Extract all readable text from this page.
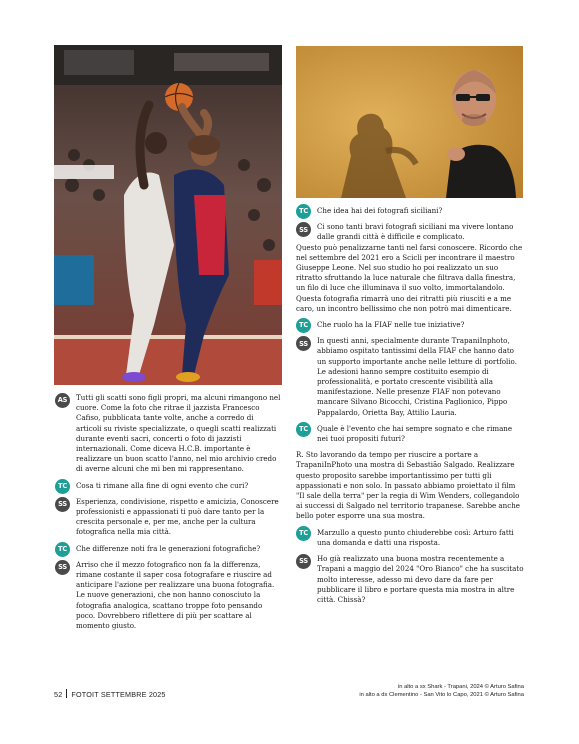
AS	Tutti gli scatti sono figli propri, ma alcuni rimangono nel cuore. Come la foto che ritrae il jazzista Francesco Cafiso, pubblicata tante volte, anche a corredo di articoli su riviste specializzate, o quegli scatti realizzati durante eventi sacri, concerti o foto di jazzisti internazionali. Come diceva H.C.B. importante è realizzare un buon scatto l'anno, nel mio archivio credo di averne alcuni che mi ben mi rappresentano.

TC	Cosa ti rimane alla fine di ogni evento che curi?
SS	Esperienza, condivisione, rispetto e amicizia, Conoscere professionisti e appassionati ti può dare tanto per la crescita personale e, per me, anche per la cultura fotografica nella mia città.

TC	Che differenze noti fra le generazioni fotografiche?
SS	Arriso che il mezzo fotografico non fa la differenza, rimane costante il saper cosa fotografare e riuscire ad anticipare l'azione per realizzare una buona fotografia. Le nuove generazioni, che non hanno conosciuto la fotografia analogica, scattano troppe foto pensando poco. Dovrebbero riflettere di più per scattare al momento giusto.

TC	Che idea hai dei fotografi siciliani?
SS	Ci sono tanti bravi fotografi siciliani ma vivere lontano dalle grandi città è difficile e complicato.

Questo può penalizzarne tanti nel farsi conoscere. Ricordo che nel settembre del 2021 ero a Scicli per incontrare il maestro Giuseppe Leone. Nel suo studio ho poi realizzato un suo ritratto sfruttando la luce naturale che filtrava dalla finestra, un filo di luce che illuminava il suo volto, immortalandolo. Questa fotografia rimarrà uno dei ritratti più riusciti e a me caro, un incontro bellissimo che non potrò mai dimenticare.

TC	Che ruolo ha la FIAF nelle tue iniziative?
SS	In questi anni, specialmente durante TrapaniInphoto, abbiamo ospitato tantissimi della FIAF che hanno dato un supporto importante anche nelle letture di portfolio. Le adesioni hanno sempre costituito esempio di professionalità, e portato crescente visibilità alla manifestazione. Nelle presenze FIAF non potevano mancare Silvano Bicocchi, Cristina Paglionico, Pippo Pappalardo, Orietta Bay, Attilio Lauria.

TC	Quale è l'evento che hai sempre sognato e che rimane nei tuoi propositi futuri?

R. Sto lavorando da tempo per riuscire a portare a TrapaniInPhoto una mostra di Sebastião Salgado. Realizzare questo proposito sarebbe importantissimo per tutti gli appassionati e non solo. In passato abbiamo proiettato il film "Il sale della terra" per la regia di Wim Wenders, collegandolo ai successi di Salgado nel territorio trapanese. Sarebbe anche bello poter esporre una sua mostra.

TC	Marzullo a questo punto chiuderebbe così: Arturo fatti una domanda e datti una risposta.
SS	Ho già realizzato una buona mostra recentemente a Trapani a maggio del 2024 "Oro Bianco" che ha suscitato molto interesse, adesso mi devo dare da fare per pubblicare il libro e portare questa mia mostra in altre città. Chissà?

52 FOTOIT SETTEMBRE 2025
in alto a sx Shark - Trapani, 2024 © Arturo Safina
in alto a dx Clementino - San Vito lo Capo, 2021 © Arturo Safina
